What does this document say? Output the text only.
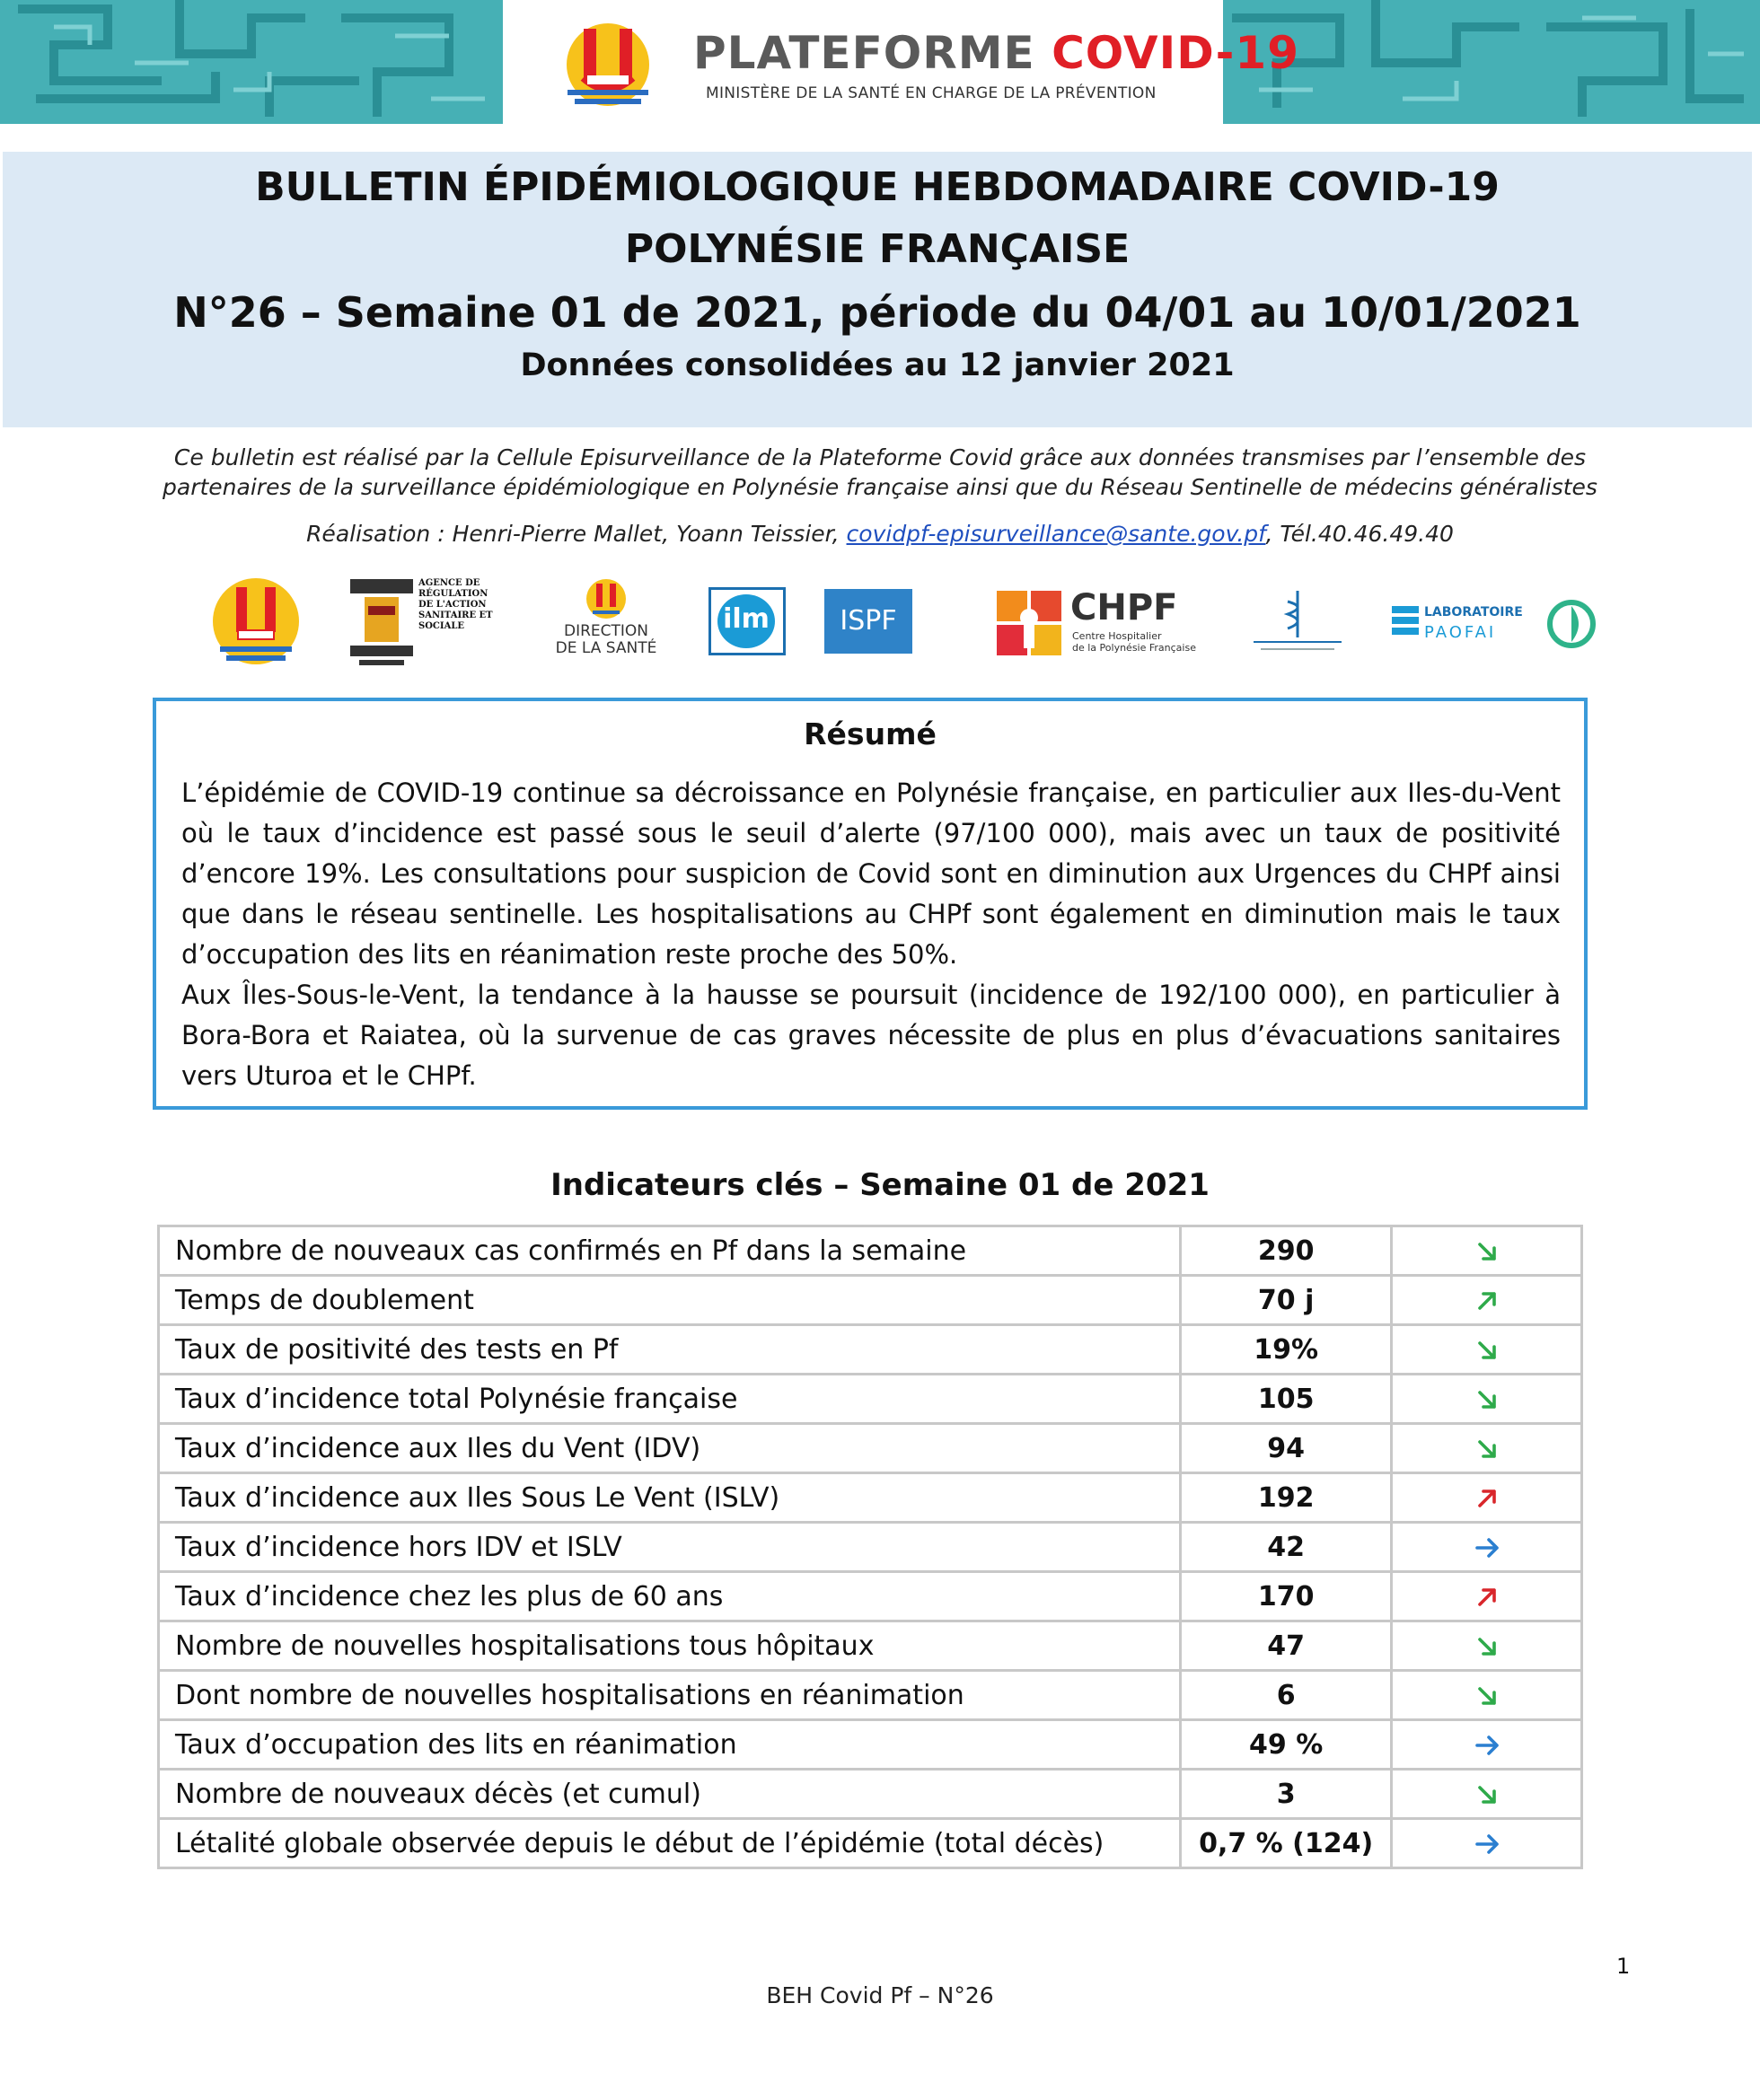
PLATEFORME COVID-19
MINISTÈRE DE LA SANTÉ EN CHARGE DE LA PRÉVENTION
BULLETIN ÉPIDÉMIOLOGIQUE HEBDOMADAIRE COVID-19
POLYNÉSIE FRANÇAISE
N°26 – Semaine 01 de 2021, période du 04/01 au 10/01/2021
Données consolidées au 12 janvier 2021
Ce bulletin est réalisé par la Cellule Episurveillance de la Plateforme Covid grâce aux données transmises par l’ensemble des
partenaires de la surveillance épidémiologique en Polynésie française ainsi que du Réseau Sentinelle de médecins généralistes
Réalisation : Henri-Pierre Mallet, Yoann Teissier, covidpf-episurveillance@sante.gov.pf, Tél.40.46.49.40
AGENCE DE RÉGULATION DE L'ACTION SANITAIRE ET SOCIALE	DIRECTION
DE LA SANTÉ
ilm	ISPF	CHPF
Centre Hospitalier
de la Polynésie Française
LABORATOIRE
PAOFAI
Résumé
L’épidémie de COVID-19 continue sa décroissance en Polynésie française, en particulier aux Iles-du-Vent où le taux d’incidence est passé sous le seuil d’alerte (97/100 000), mais avec un taux de positivité d’encore 19%. Les consultations pour suspicion de Covid sont en diminution aux Urgences du CHPf ainsi que dans le réseau sentinelle. Les hospitalisations au CHPf sont également en diminution mais le taux d’occupation des lits en réanimation reste proche des 50%.
Aux Îles-Sous-le-Vent, la tendance à la hausse se poursuit (incidence de 192/100 000), en particulier à Bora-Bora et Raiatea, où la survenue de cas graves nécessite de plus en plus d’évacuations sanitaires vers Uturoa et le CHPf.
Indicateurs clés – Semaine 01 de 2021
Nombre de nouveaux cas confirmés en Pf dans la semaine	290	
Temps de doublement	70 j	
Taux de positivité des tests en Pf	19%	
Taux d’incidence total Polynésie française	105	
Taux d’incidence aux Iles du Vent (IDV)	94	
Taux d’incidence aux Iles Sous Le Vent (ISLV)	192	
Taux d’incidence hors IDV et ISLV	42	
Taux d’incidence chez les plus de 60 ans	170	
Nombre de nouvelles hospitalisations tous hôpitaux	47	
Dont nombre de nouvelles hospitalisations en réanimation	6	
Taux d’occupation des lits en réanimation	49 %	
Nombre de nouveaux décès (et cumul)	3	
Létalité globale observée depuis le début de l’épidémie (total décès)	0,7 % (124)	
1
BEH Covid Pf – N°26
